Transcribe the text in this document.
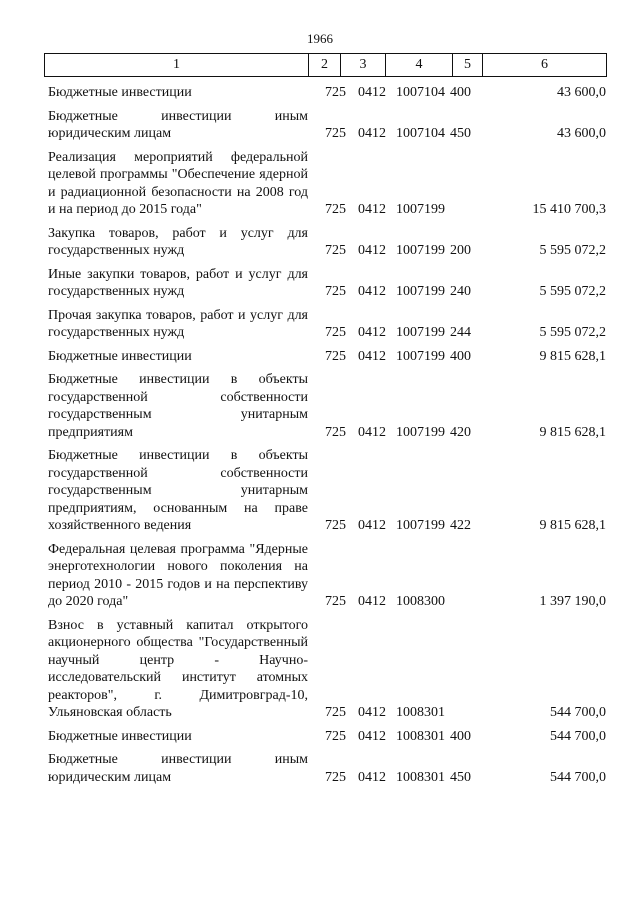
1966
1	2	3	4	5	6
Бюджетные инвестиции	725 0412 1007104 400	43 600,0
Бюджетные инвестиции иным юридическим лицам	725 0412 1007104 450	43 600,0
Реализация мероприятий федеральной целевой программы "Обеспечение ядерной и радиационной безопасности на 2008 год и на период до 2015 года"	725 0412 1007199	15 410 700,3
Закупка товаров, работ и услуг для государственных нужд	725 0412 1007199 200	5 595 072,2
Иные закупки товаров, работ и услуг для государственных нужд	725 0412 1007199 240	5 595 072,2
Прочая закупка товаров, работ и услуг для государственных нужд	725 0412 1007199 244	5 595 072,2
Бюджетные инвестиции	725 0412 1007199 400	9 815 628,1
Бюджетные инвестиции в объекты государственной собственности государственным унитарным предприятиям	725 0412 1007199 420	9 815 628,1
Бюджетные инвестиции в объекты государственной собственности государственным унитарным предприятиям, основанным на праве хозяйственного ведения	725 0412 1007199 422	9 815 628,1
Федеральная целевая программа "Ядерные энерготехнологии нового поколения на период 2010 - 2015 годов и на перспективу до 2020 года"	725 0412 1008300	1 397 190,0
Взнос в уставный капитал открытого акционерного общества "Государственный научный центр - Научно-исследовательский институт атомных реакторов", г. Димитровград-10, Ульяновская область	725 0412 1008301	544 700,0
Бюджетные инвестиции	725 0412 1008301 400	544 700,0
Бюджетные инвестиции иным юридическим лицам	725 0412 1008301 450	544 700,0
